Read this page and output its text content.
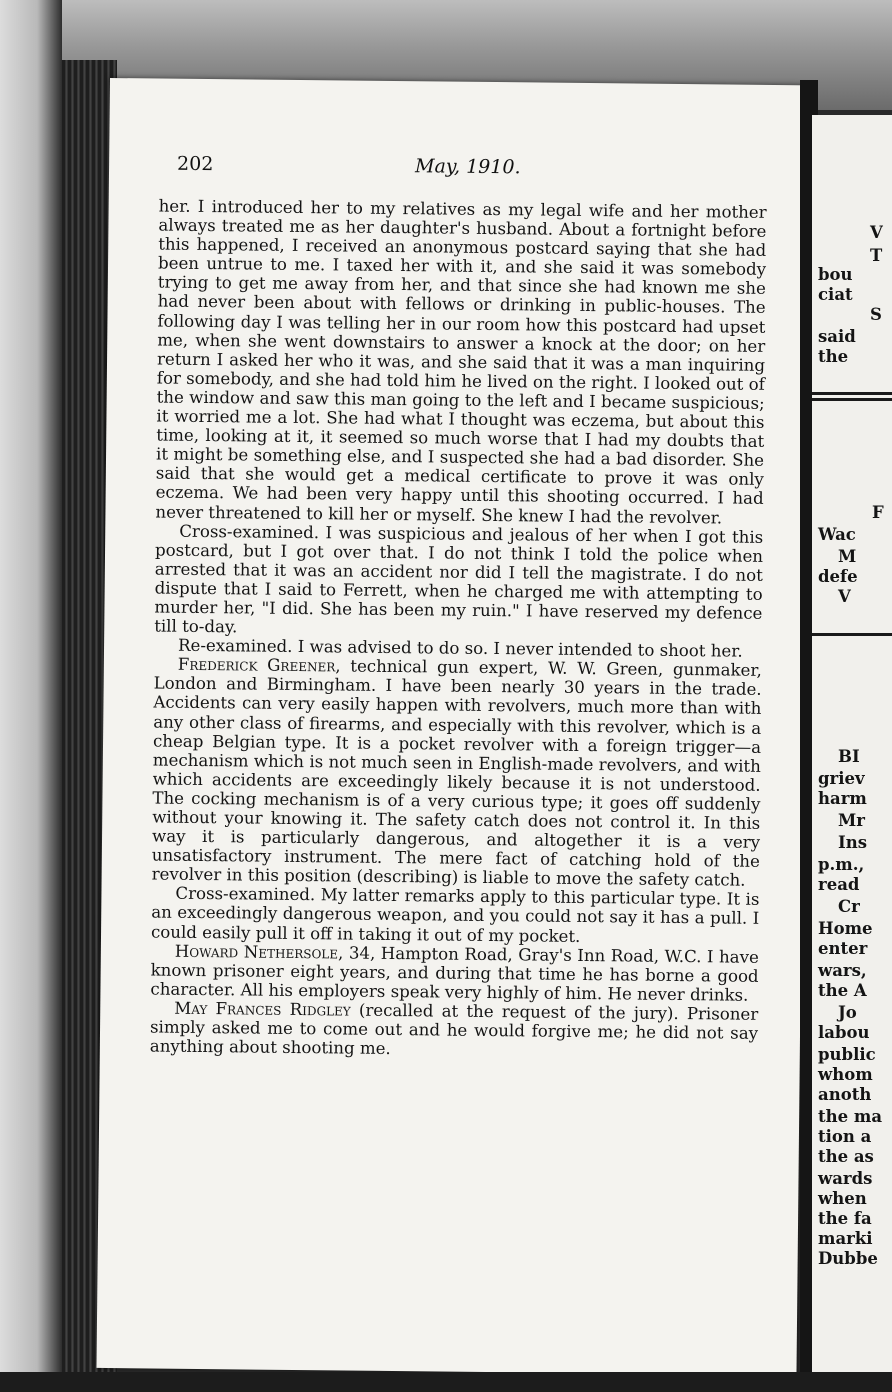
202	May, 1910.

her. I introduced her to my relatives as my legal wife and her mother always treated me as her daughter's husband. About a fortnight before this happened, I received an anonymous postcard saying that she had been untrue to me. I taxed her with it, and she said it was somebody trying to get me away from her, and that since she had known me she had never been about with fellows or drinking in public-houses. The following day I was telling her in our room how this postcard had upset me, when she went downstairs to answer a knock at the door; on her return I asked her who it was, and she said that it was a man inquiring for somebody, and she had told him he lived on the right. I looked out of the window and saw this man going to the left and I became suspicious; it worried me a lot. She had what I thought was eczema, but about this time, looking at it, it seemed so much worse that I had my doubts that it might be something else, and I suspected she had a bad disorder. She said that she would get a medical certificate to prove it was only eczema. We had been very happy until this shooting occurred. I had never threatened to kill her or myself. She knew I had the revolver.

Cross-examined. I was suspicious and jealous of her when I got this postcard, but I got over that. I do not think I told the police when arrested that it was an accident nor did I tell the magistrate. I do not dispute that I said to Ferrett, when he charged me with attempting to murder her, "I did. She has been my ruin." I have reserved my defence till to-day.

Re-examined. I was advised to do so. I never intended to shoot her.

Frederick Greener, technical gun expert, W. W. Green, gunmaker, London and Birmingham. I have been nearly 30 years in the trade. Accidents can very easily happen with revolvers, much more than with any other class of firearms, and especially with this revolver, which is a cheap Belgian type. It is a pocket revolver with a foreign trigger—a mechanism which is not much seen in English-made revolvers, and with which accidents are exceedingly likely because it is not understood. The cocking mechanism is of a very curious type; it goes off suddenly without your knowing it. The safety catch does not control it. In this way it is particularly dangerous, and altogether it is a very unsatisfactory instrument. The mere fact of catching hold of the revolver in this position (describing) is liable to move the safety catch.

Cross-examined. My latter remarks apply to this particular type. It is an exceedingly dangerous weapon, and you could not say it has a pull. I could easily pull it off in taking it out of my pocket.

Howard Nethersole, 34, Hampton Road, Gray's Inn Road, W.C. I have known prisoner eight years, and during that time he has borne a good character. All his employers speak very highly of him. He never drinks.

May Frances Ridgley (recalled at the request of the jury). Prisoner simply asked me to come out and he would forgive me; he did not say anything about shooting me.

V
T
bou
ciat
S
said
the
F
Wac
M
defe
V
BI
griev
harm
Mr
Ins
p.m.,
read
Cr
Home
enter
wars,
the A
Jo
labou
public
whom
anoth
the ma
tion a
the as
wards
when
the fa
marki
Dubbe
